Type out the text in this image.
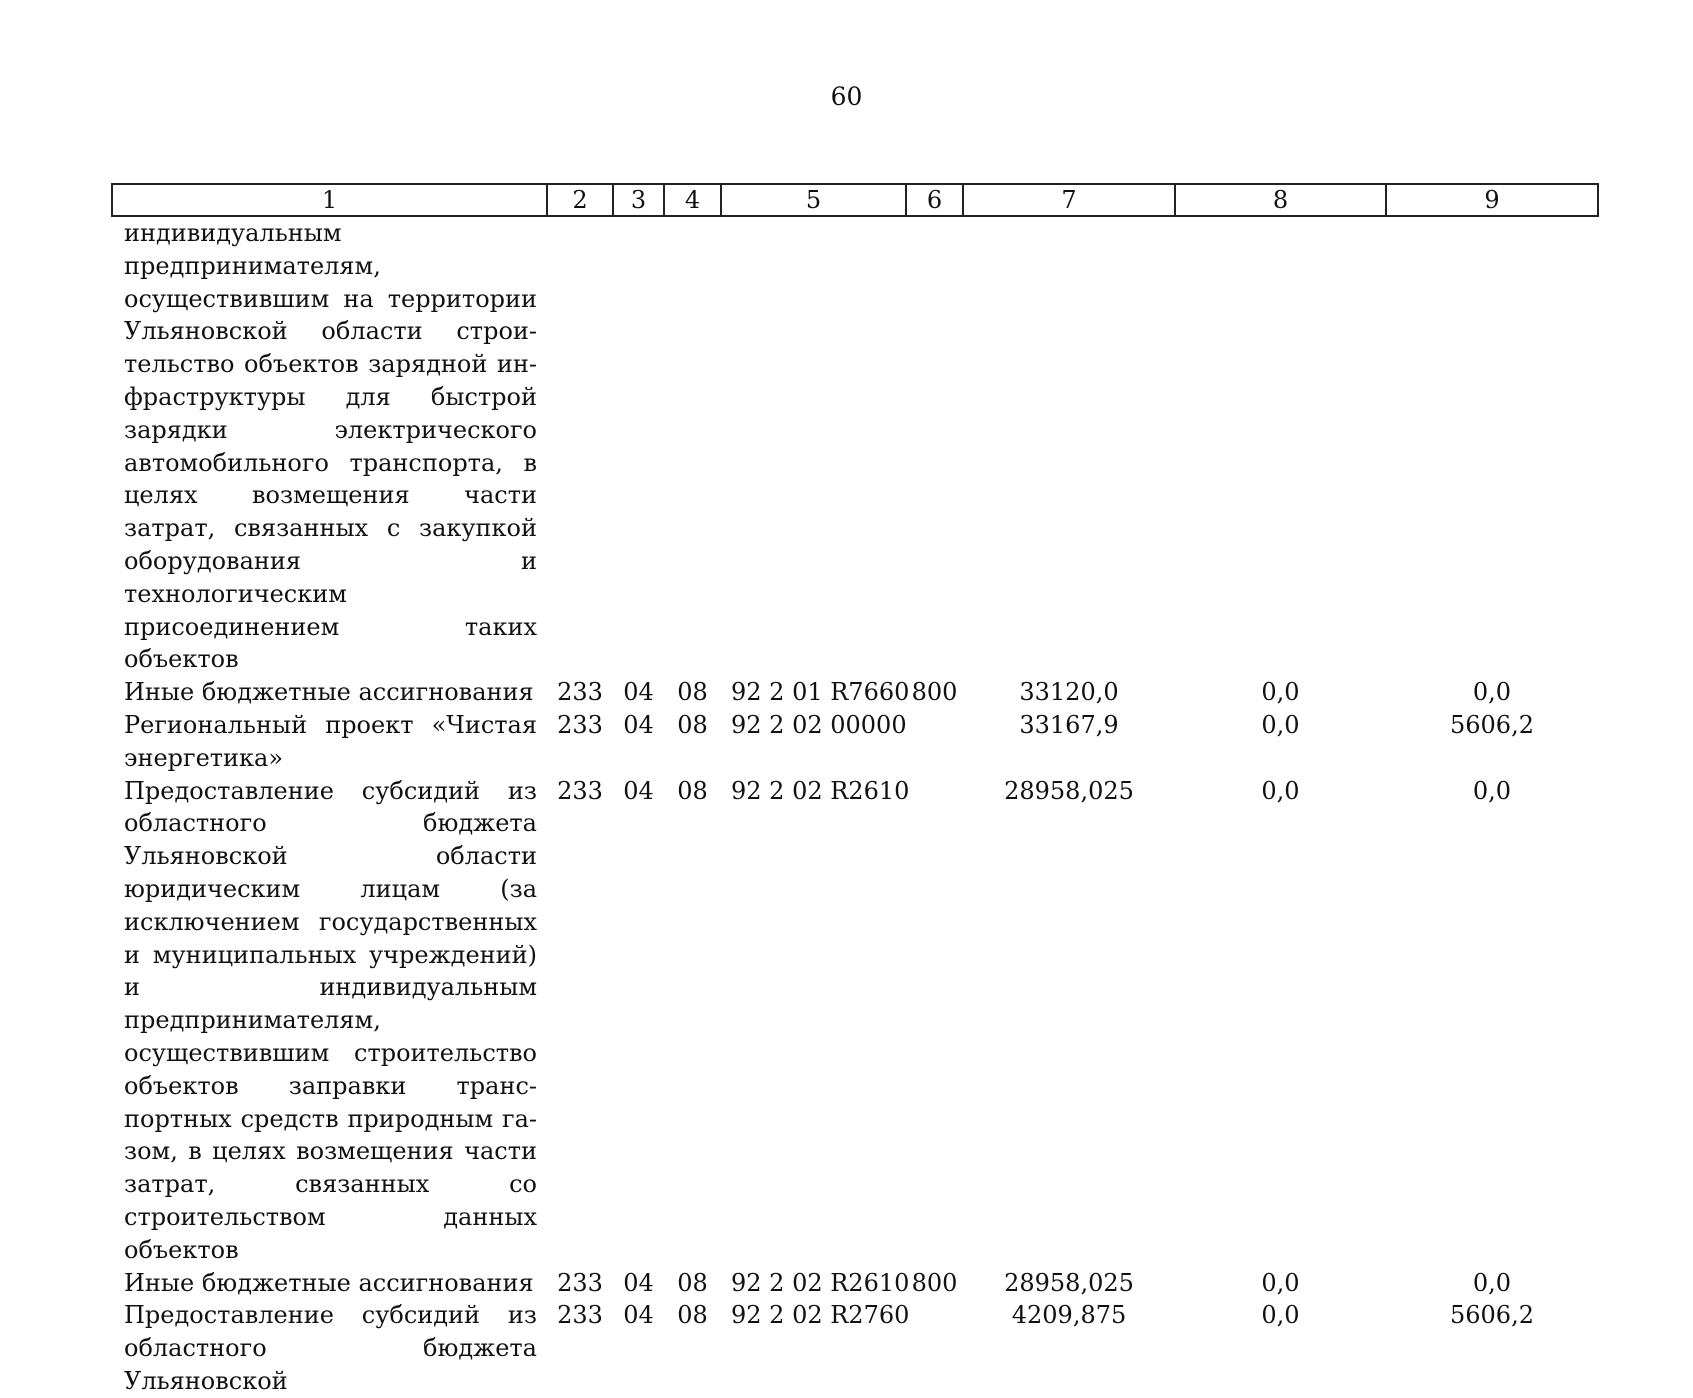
60
1	2	3	4	5	6	7	8	9
индивидуальным предпринимателям, осуществившим на территории Ульяновской области строительство объектов зарядной инфраструктуры для быстрой зарядки электрического автомобильного транспорта, в целях возмещения части затрат, связанных с закупкой оборудования и технологическим присоединением таких объектов								
Иные бюджетные ассигнования	233	04	08	92 2 01 R7660	800	33120,0	0,0	0,0
Региональный проект «Чистая энергетика»	233	04	08	92 2 02 00000		33167,9	0,0	5606,2
Предоставление субсидий из областного бюджета Ульяновской области юридическим лицам (за исключением государственных и муниципальных учреждений) и индивидуальным предпринимателям, осуществившим строительство объектов заправки транспортных средств природным газом, в целях возмещения части затрат, связанных со строительством данных объектов	233	04	08	92 2 02 R2610		28958,025	0,0	0,0
Иные бюджетные ассигнования	233	04	08	92 2 02 R2610	800	28958,025	0,0	0,0
Предоставление субсидий из областного бюджета Ульяновской	233	04	08	92 2 02 R2760		4209,875	0,0	5606,2
